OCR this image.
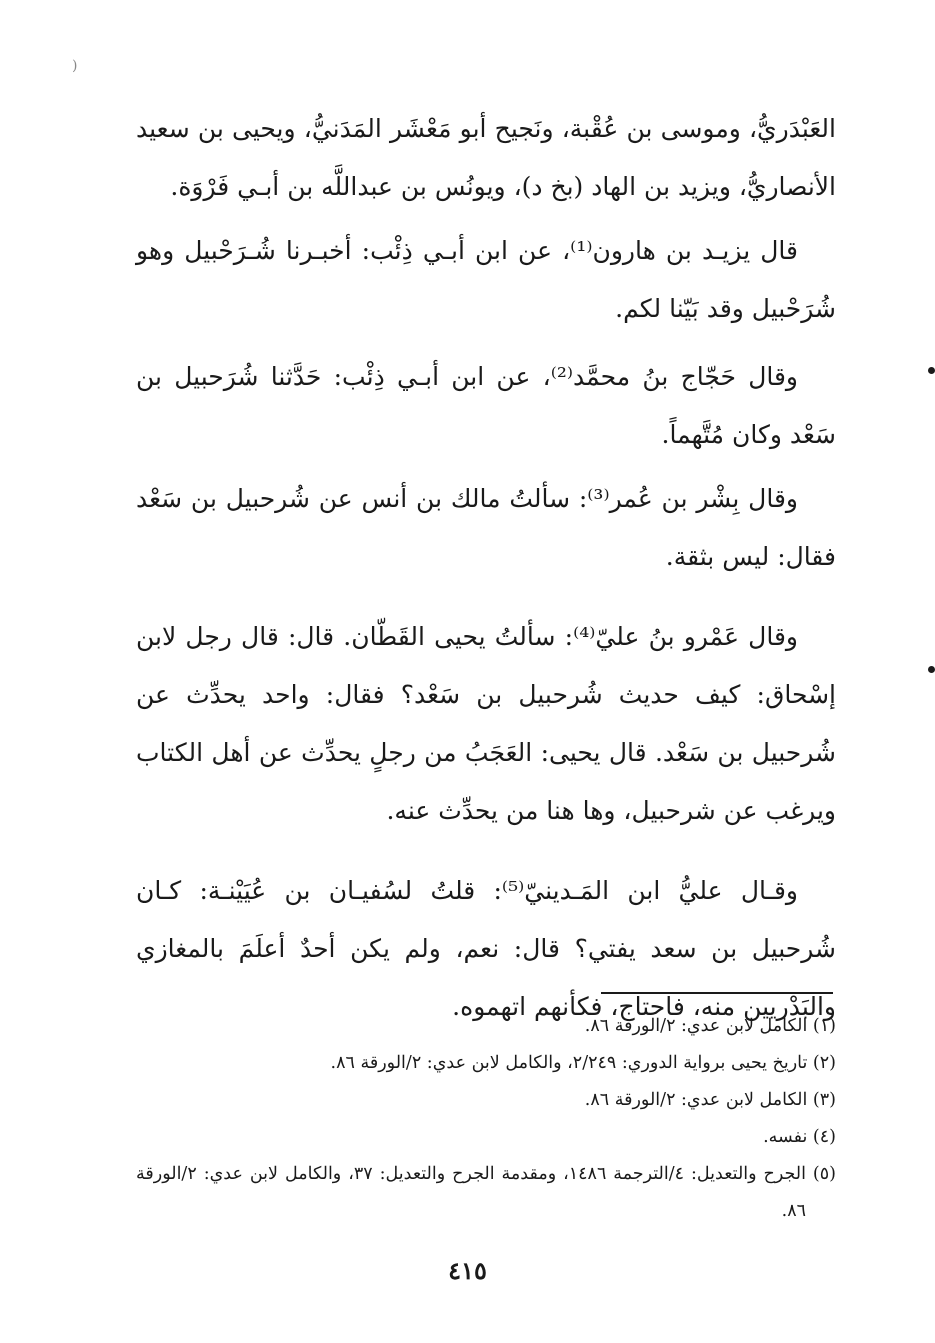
(

العَبْدَريُّ، وموسى بن عُقْبة، ونَجيح أبو مَعْشَر المَدَنيُّ، ويحيى بن سعيد الأنصاريُّ، ويزيد بن الهاد (بخ د)، ويونُس بن عبداللَّه بن أبـي فَرْوَة.

قال يزيـد بن هارون⁽¹⁾، عن ابن أبـي ذِئْب: أخبـرنا شُـرَحْبيل وهو شُرَحْبيل وقد بَيّنا لكم.

وقال حَجّاج بنُ محمَّد⁽²⁾، عن ابن أبـي ذِئْب: حَدَّثنا شُرَحبيل بن سَعْد وكان مُتَّهماً.

وقال بِشْر بن عُمر⁽³⁾: سألتُ مالك بن أنس عن شُرحبيل بن سَعْد فقال: ليس بثقة.

وقال عَمْرو بنُ عليّ⁽⁴⁾: سألتُ يحيى القَطّان. قال: قال رجل لابن إسْحاق: كيف حديث شُرحبيل بن سَعْد؟ فقال: واحد يحدِّث عن شُرحبيل بن سَعْد. قال يحيى: العَجَبُ من رجلٍ يحدِّث عن أهل الكتاب ويرغب عن شرحبيل، وها هنا من يحدِّث عنه.

وقـال عليُّ ابن المَـدينيّ⁽⁵⁾: قلتُ لسُفيـان بن عُيَيْنـة: كـان شُرحبيل بن سعد يفتي؟ قال: نعم، ولم يكن أحدٌ أعلَمَ بالمغازي والبَدْريين منه، فاحتاج، فكأنهم اتهموه.

(١) الكامل لابن عدي: ٢/الورقة ٨٦.

(٢) تاريخ يحيى برواية الدوري: ٢/٢٤٩، والكامل لابن عدي: ٢/الورقة ٨٦.

(٣) الكامل لابن عدي: ٢/الورقة ٨٦.

(٤) نفسه.

(٥) الجرح والتعديل: ٤/الترجمة ١٤٨٦، ومقدمة الجرح والتعديل: ٣٧، والكامل لابن عدي: ٢/الورقة ٨٦.

٤١٥
